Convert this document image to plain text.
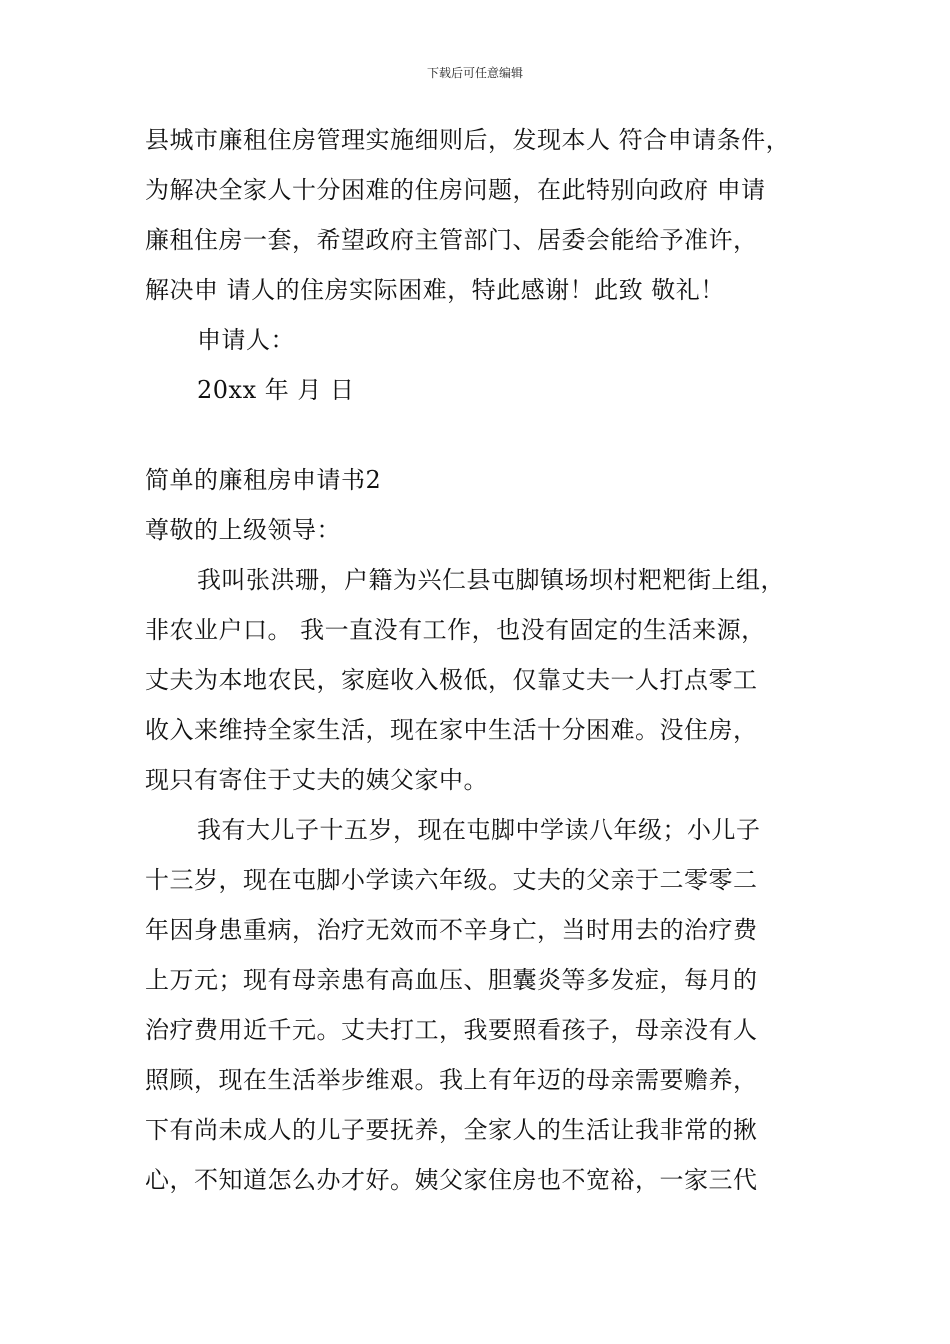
下载后可任意编辑
县城市廉租住房管理实施细则后，发现本人 符合申请条件，
为解决全家人十分困难的住房问题，在此特别向政府 申请
廉租住房一套，希望政府主管部门、居委会能给予准许，
解决申 请人的住房实际困难，特此感谢！此致 敬礼！
申请人：
20xx 年 月 日
简单的廉租房申请书2
尊敬的上级领导：
我叫张洪珊，户籍为兴仁县屯脚镇场坝村粑粑街上组，
非农业户口。 我一直没有工作，也没有固定的生活来源，
丈夫为本地农民，家庭收入极低，仅靠丈夫一人打点零工
收入来维持全家生活，现在家中生活十分困难。没住房，
现只有寄住于丈夫的姨父家中。
我有大儿子十五岁，现在屯脚中学读八年级；小儿子
十三岁，现在屯脚小学读六年级。丈夫的父亲于二零零二
年因身患重病，治疗无效而不辛身亡，当时用去的治疗费
上万元；现有母亲患有高血压、胆囊炎等多发症，每月的
治疗费用近千元。丈夫打工，我要照看孩子，母亲没有人
照顾，现在生活举步维艰。我上有年迈的母亲需要赡养，
下有尚未成人的儿子要抚养，全家人的生活让我非常的揪
心，不知道怎么办才好。姨父家住房也不宽裕，一家三代
